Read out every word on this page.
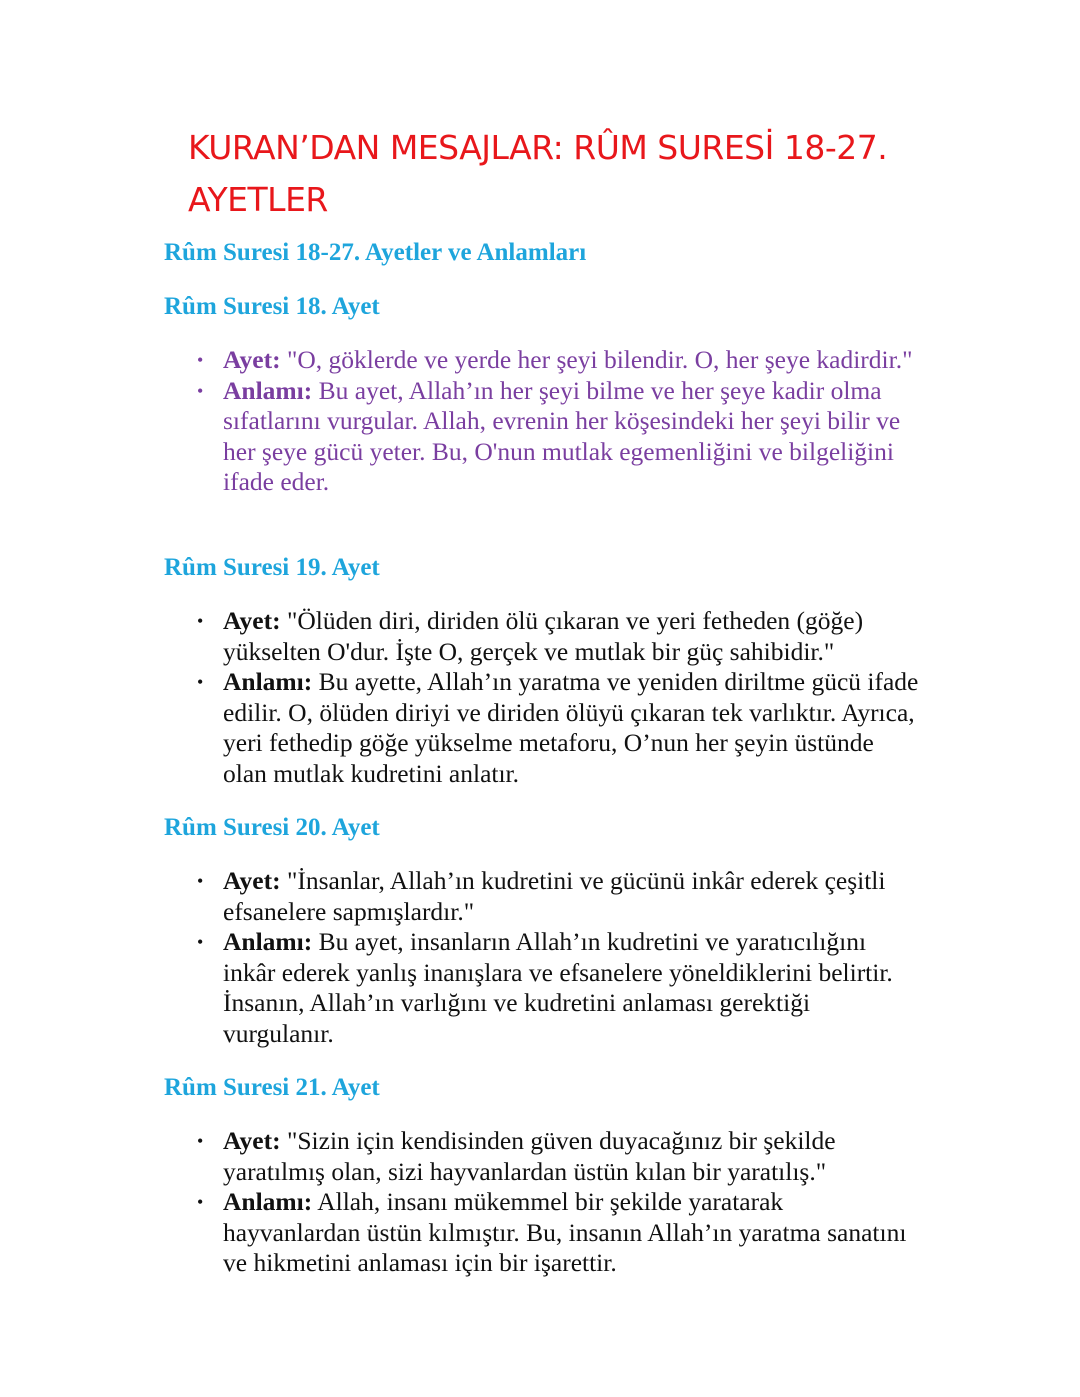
KURAN’DAN MESAJLAR: RÛM SURESİ 18-27. AYETLER
Rûm Suresi 18-27. Ayetler ve Anlamları
Rûm Suresi 18. Ayet
• Ayet: "O, göklerde ve yerde her şeyi bilendir. O, her şeye kadirdir."
• Anlamı: Bu ayet, Allah’ın her şeyi bilme ve her şeye kadir olma sıfatlarını vurgular. Allah, evrenin her köşesindeki her şeyi bilir ve her şeye gücü yeter. Bu, O'nun mutlak egemenliğini ve bilgeliğini ifade eder.
Rûm Suresi 19. Ayet
• Ayet: "Ölüden diri, diriden ölü çıkaran ve yeri fetheden (göğe) yükselten O'dur. İşte O, gerçek ve mutlak bir güç sahibidir."
• Anlamı: Bu ayette, Allah’ın yaratma ve yeniden diriltme gücü ifade edilir. O, ölüden diriyi ve diriden ölüyü çıkaran tek varlıktır. Ayrıca, yeri fethedip göğe yükselme metaforu, O’nun her şeyin üstünde olan mutlak kudretini anlatır.
Rûm Suresi 20. Ayet
• Ayet: "İnsanlar, Allah’ın kudretini ve gücünü inkâr ederek çeşitli efsanelere sapmışlardır."
• Anlamı: Bu ayet, insanların Allah’ın kudretini ve yaratıcılığını inkâr ederek yanlış inanışlara ve efsanelere yöneldiklerini belirtir. İnsanın, Allah’ın varlığını ve kudretini anlaması gerektiği vurgulanır.
Rûm Suresi 21. Ayet
• Ayet: "Sizin için kendisinden güven duyacağınız bir şekilde yaratılmış olan, sizi hayvanlardan üstün kılan bir yaratılış."
• Anlamı: Allah, insanı mükemmel bir şekilde yaratarak hayvanlardan üstün kılmıştır. Bu, insanın Allah’ın yaratma sanatını ve hikmetini anlaması için bir işarettir.
